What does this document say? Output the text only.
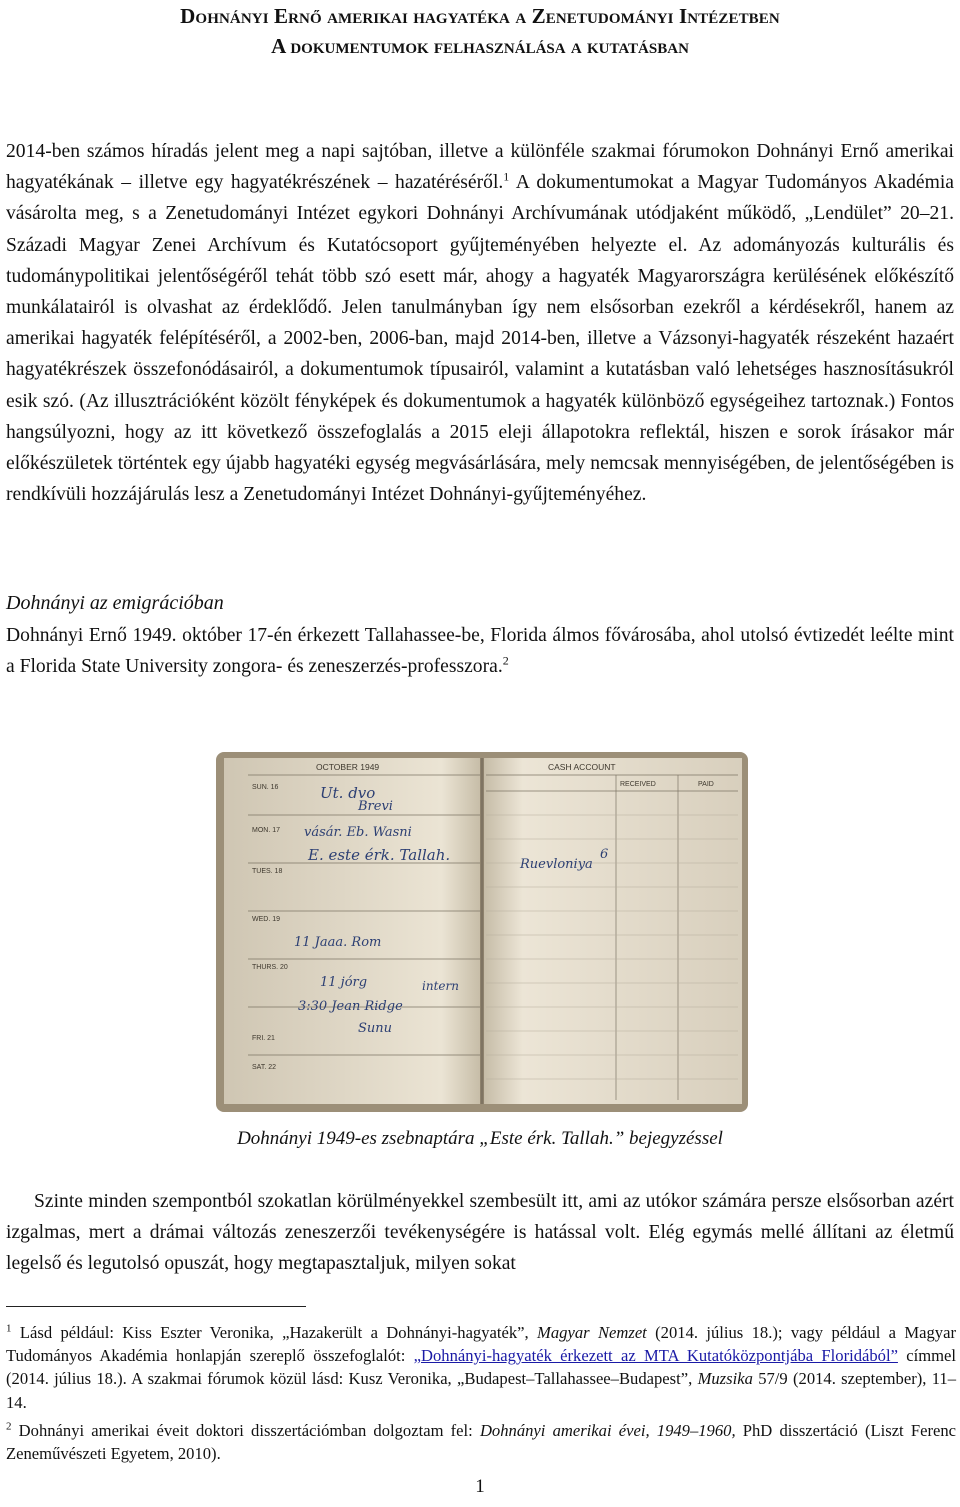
Dohnányi Ernő amerikai hagyatéka a Zenetudományi Intézetben
A dokumentumok felhasználása a kutatásban

2014-ben számos híradás jelent meg a napi sajtóban, illetve a különféle szakmai fórumokon Dohnányi Ernő amerikai hagyatékának – illetve egy hagyatékrészének – hazatéréséről.$^1$ A dokumentumokat a Magyar Tudományos Akadémia vásárolta meg, s a Zenetudományi Intézet egykori Dohnányi Archívumának utódjaként működő, „Lendület” 20–21. Századi Magyar Zenei Archívum és Kutatócsoport gyűjteményében helyezte el. Az adományozás kulturális és tudománypolitikai jelentőségéről tehát több szó esett már, ahogy a hagyaték Magyarországra kerülésének előkészítő munkálatairól is olvashat az érdeklődő. Jelen tanulmányban így nem elsősorban ezekről a kérdésekről, hanem az amerikai hagyaték felépítéséről, a 2002-ben, 2006-ban, majd 2014-ben, illetve a Vázsonyi-hagyaték részeként hazaért hagyatékrészek összefonódásairól, a dokumentumok típusairól, valamint a kutatásban való lehetséges hasznosításukról esik szó. (Az illusztrációként közölt fényképek és dokumentumok a hagyaték különböző egységeihez tartoznak.) Fontos hangsúlyozni, hogy az itt következő összefoglalás a 2015 eleji állapotokra reflektál, hiszen e sorok írásakor már előkészületek történtek egy újabb hagyatéki egység megvásárlására, mely nemcsak mennyiségében, de jelentőségében is rendkívüli hozzájárulás lesz a Zenetudományi Intézet Dohnányi-gyűjteményéhez.

Dohnányi az emigrációban

Dohnányi Ernő 1949. október 17-én érkezett Tallahassee-be, Florida álmos fővárosába, ahol utolsó évtizedét leélte mint a Florida State University zongora- és zeneszerzés-professzora.$^2$

OCTOBER 1949	CASH ACCOUNT
RECEIVED	PAID
SUN. 16
MON. 17
TUES. 18
WED. 19
THURS. 20
FRI. 21
SAT. 22
Ut. dvo
Brevi
vásár. Eb. Wasni
E. este érk. Tallah.
Ruevloniya
6
11 Jaaa. Rom
11 jórg
3:30 Jean Ridge
intern
Sunu

Dohnányi 1949-es zsebnaptára „Este érk. Tallah.” bejegyzéssel

Szinte minden szempontból szokatlan körülményekkel szembesült itt, ami az utókor számára persze elsősorban azért izgalmas, mert a drámai változás zeneszerzői tevékenységére is hatással volt. Elég egymás mellé állítani az életmű legelső és legutolsó opuszát, hogy megtapasztaljuk, milyen sokat

$^1$ Lásd például: Kiss Eszter Veronika, „Hazakerült a Dohnányi-hagyaték”, Magyar Nemzet (2014. július 18.); vagy például a Magyar Tudományos Akadémia honlapján szereplő összefoglalót: „Dohnányi-hagyaték érkezett az MTA Kutatóközpontjába Floridából” címmel (2014. július 18.). A szakmai fórumok közül lásd: Kusz Veronika, „Budapest–Tallahassee–Budapest”, Muzsika 57/9 (2014. szeptember), 11–14.

$^2$ Dohnányi amerikai éveit doktori disszertációmban dolgoztam fel: Dohnányi amerikai évei, 1949–1960, PhD disszertáció (Liszt Ferenc Zeneművészeti Egyetem, 2010).

1
